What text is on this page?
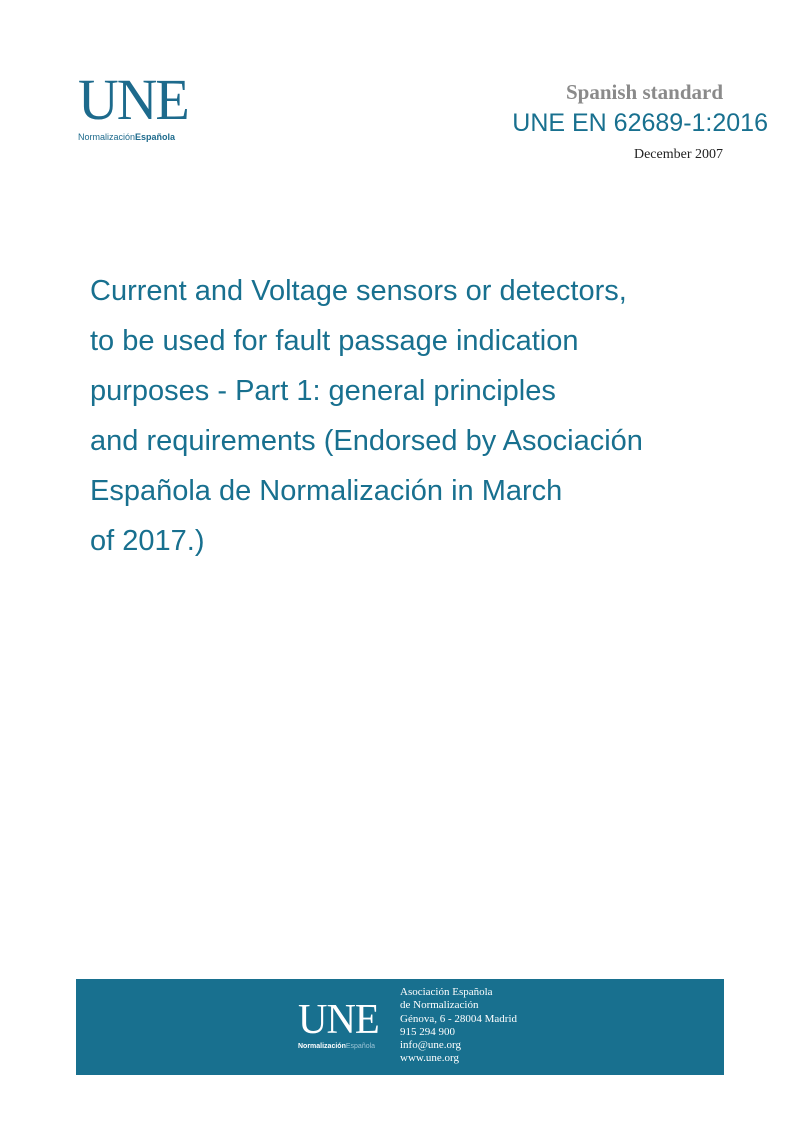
UNE
NormalizaciónEspañola
Spanish standard
UNE EN 62689-1:2016
December 2007
Current and Voltage sensors or detectors,
to be used for fault passage indication
purposes - Part 1: general principles
and requirements (Endorsed by Asociación
Española de Normalización in March
of 2017.)
UNE
NormalizaciónEspañola
Asociación Española
de Normalización
Génova, 6 - 28004 Madrid
915 294 900
info@une.org
www.une.org
